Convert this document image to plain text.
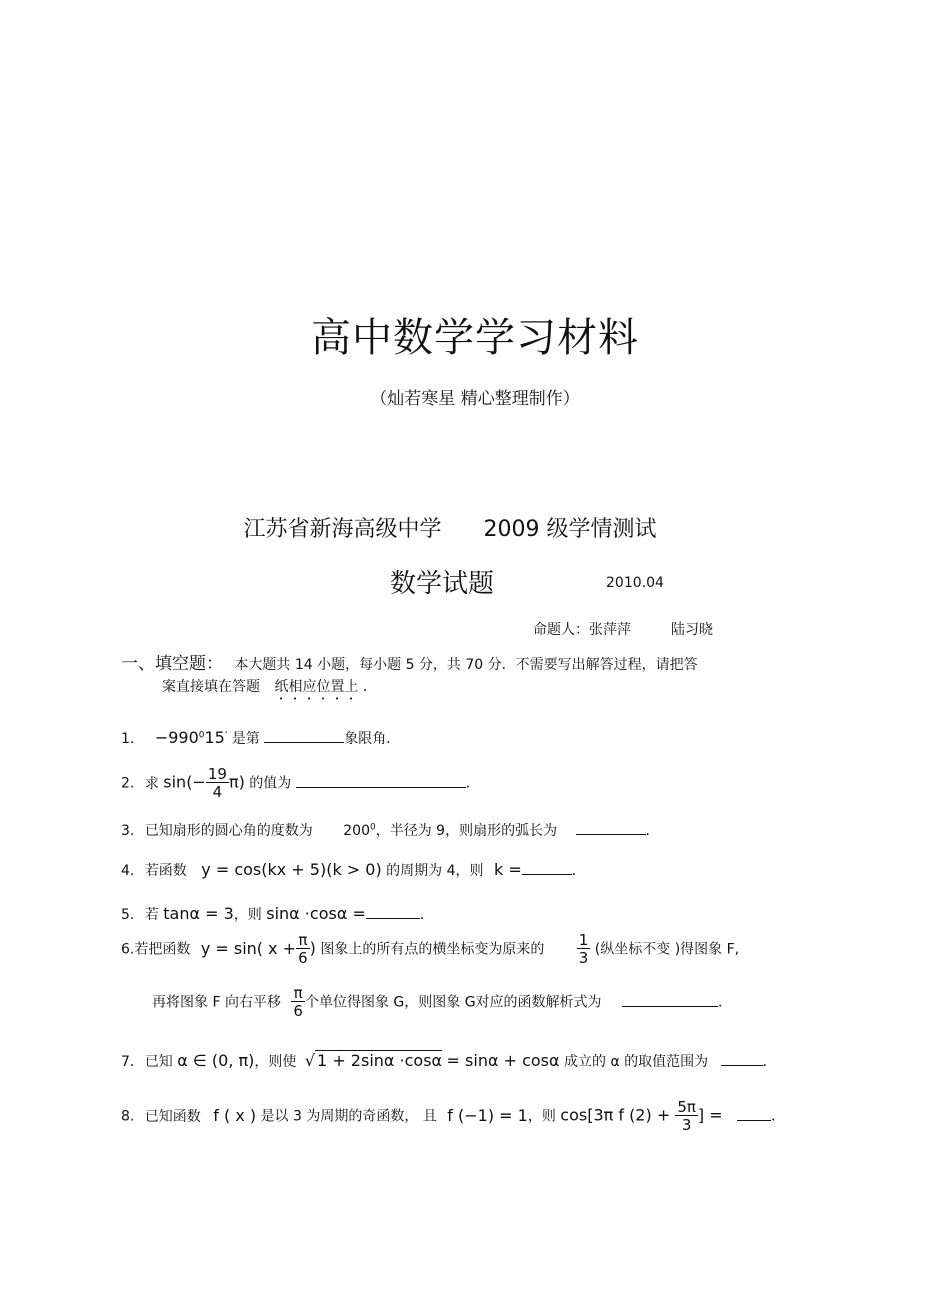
高中数学学习材料
（灿若寒星 精心整理制作）
江苏省新海高级中学 2009 级学情测试
数学试题	2010.04
命题人：张萍萍	陆习晓
一、填空题： 本大题共 14 小题，每小题 5 分，共 70 分．不需要写出解答过程，请把答
案直接填在答题 纸相应位置上 ．
1. $-990^015'$ 是第	象限角．
2. 求 $\sin(- \frac{19}{4} \pi)$ 的值为	．
3. 已知扇形的圆心角的度数为 $200^0$，半径为 9，则扇形的弧长为	．
4. 若函数 y = cos(kx + 5)(k > 0) 的周期为 4，则 k =	．
5. 若 tanα = 3，则 sinα ·cosα =	．
6.若把函数 y = sin( $x + \frac{\pi}{6}$ ) 图象上的所有点的横坐标变为原来的 $\frac{1}{3}$ (纵坐标不变 )得图象 F,
再将图象 F 向右平移 $\frac{\pi}{6}$ 个单位得图象 G，则图象 G对应的函数解析式为	．
7. 已知 α ∈ (0, π)，则使 √ 1 + 2sinα ·cosα = sinα + cosα 成立的 α 的取值范围为	．
8. 已知函数 f ( x ) 是以 3 为周期的奇函数， 且 f (−1) = 1，则 cos[3π f $(2) + \frac{5\pi}{3}$ ] =	．
